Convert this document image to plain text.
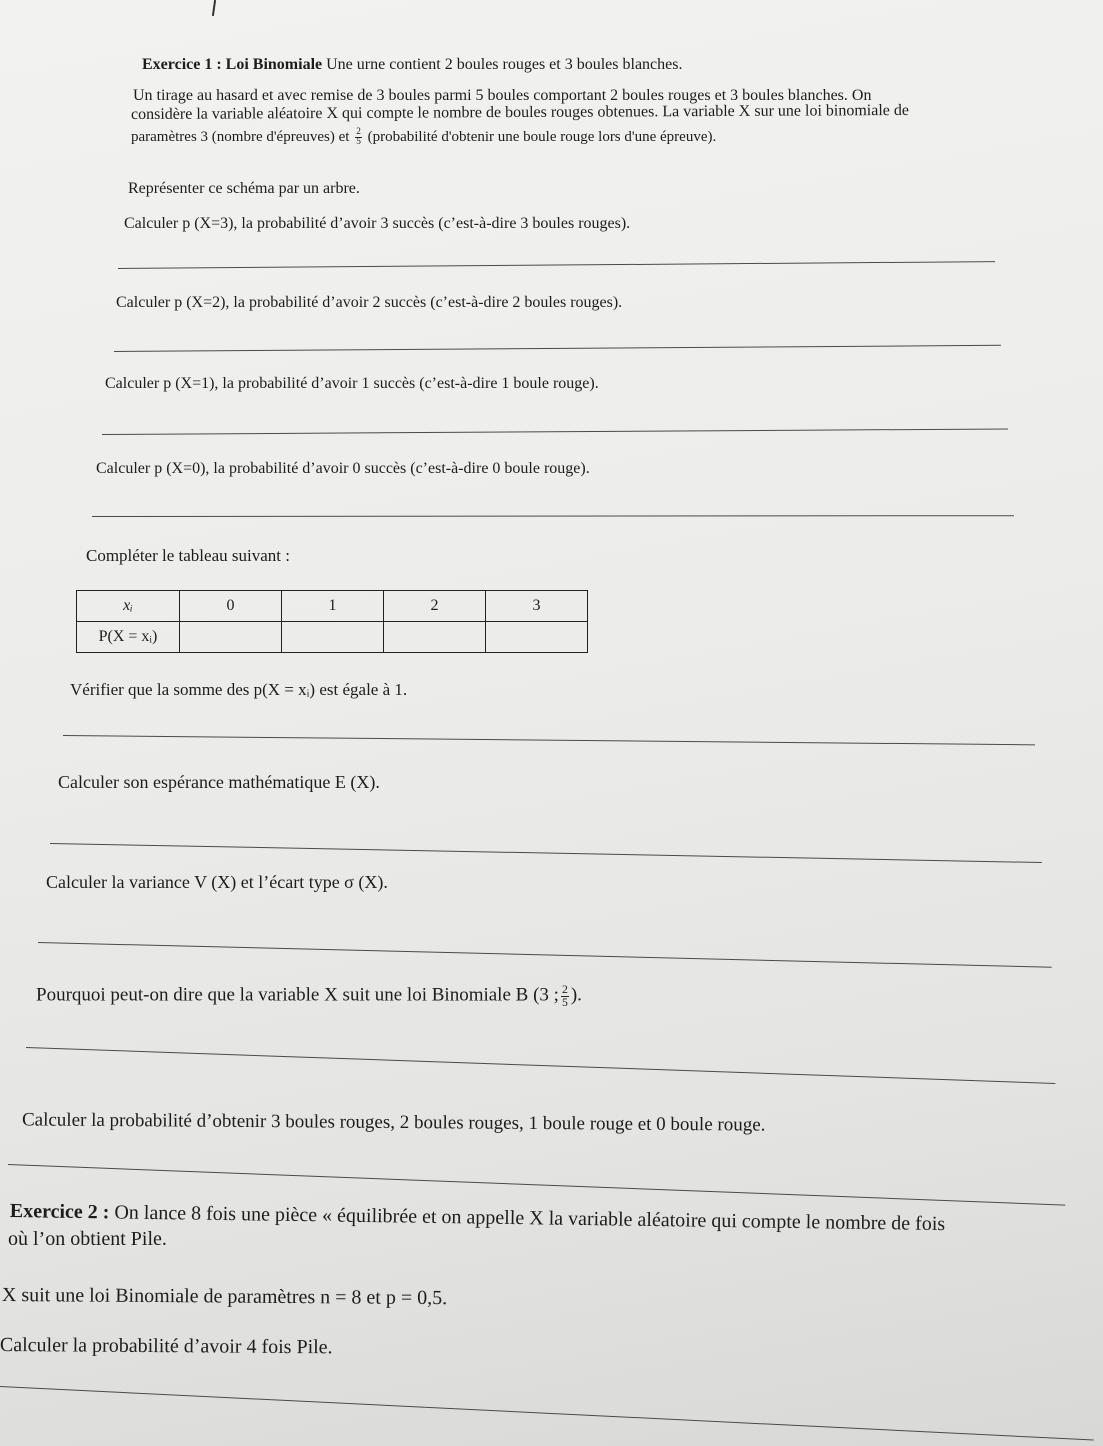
Exercice 1 : Loi Binomiale Une urne contient 2 boules rouges et 3 boules blanches.
Un tirage au hasard et avec remise de 3 boules parmi 5 boules comportant 2 boules rouges et 3 boules blanches. On
considère la variable aléatoire X qui compte le nombre de boules rouges obtenues. La variable X sur une loi binomiale de
paramètres 3 (nombre d'épreuves) et $\frac{2}{5}$ (probabilité d'obtenir une boule rouge lors d'une épreuve).
Représenter ce schéma par un arbre.
Calculer p (X=3), la probabilité d’avoir 3 succès (c’est-à-dire 3 boules rouges).
Calculer p (X=2), la probabilité d’avoir 2 succès (c’est-à-dire 2 boules rouges).
Calculer p (X=1), la probabilité d’avoir 1 succès (c’est-à-dire 1 boule rouge).
Calculer p (X=0), la probabilité d’avoir 0 succès (c’est-à-dire 0 boule rouge).
Compléter le tableau suivant :
xᵢ	0	1	2	3
P(X = xᵢ)				
Vérifier que la somme des p(X = xᵢ) est égale à 1.
Calculer son espérance mathématique E (X).
Calculer la variance V (X) et l’écart type σ (X).
Pourquoi peut-on dire que la variable X suit une loi Binomiale B (3 ; $\frac{2}{5}$ ).
Calculer la probabilité d’obtenir 3 boules rouges, 2 boules rouges, 1 boule rouge et 0 boule rouge.
Exercice 2 : On lance 8 fois une pièce « équilibrée et on appelle X la variable aléatoire qui compte le nombre de fois
où l’on obtient Pile.
X suit une loi Binomiale de paramètres n = 8 et p = 0,5.
Calculer la probabilité d’avoir 4 fois Pile.
